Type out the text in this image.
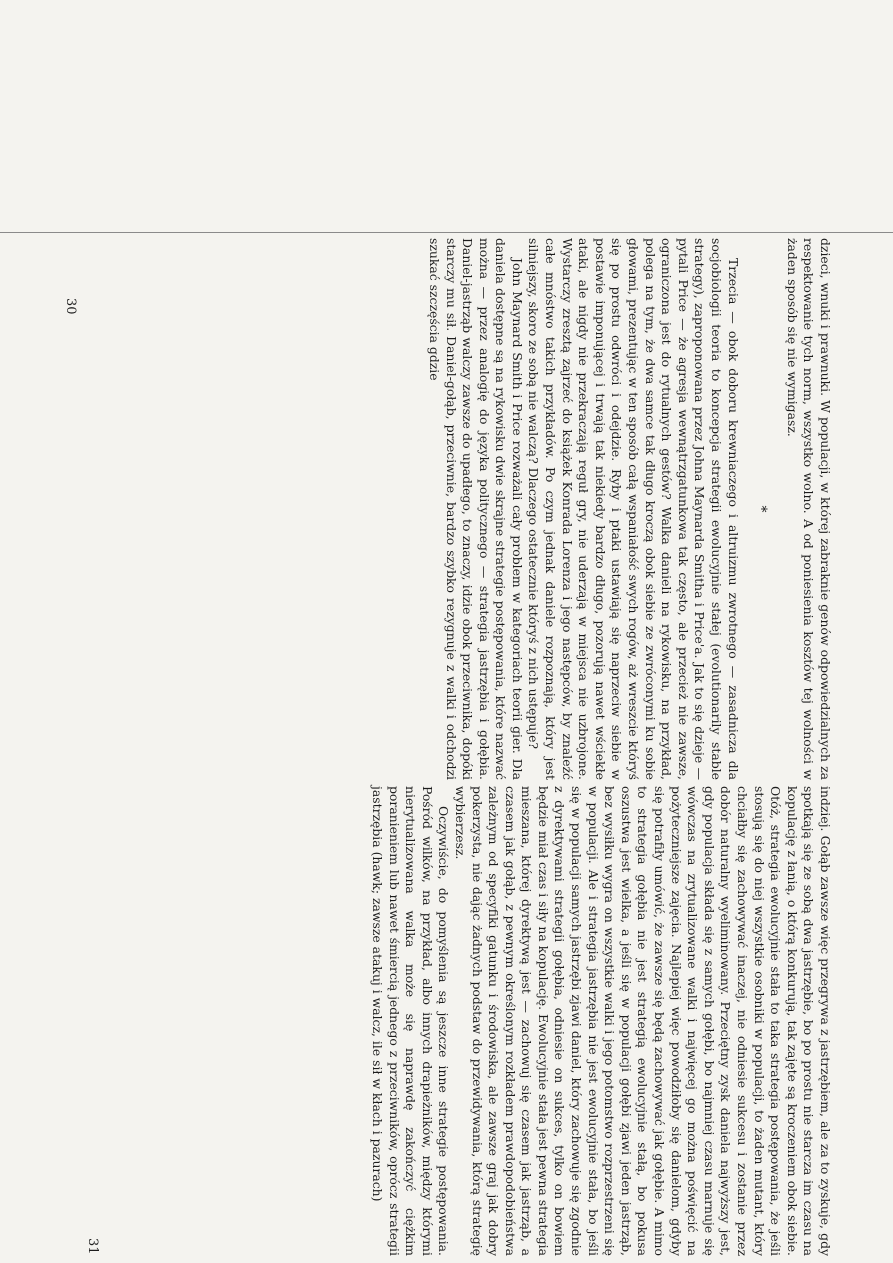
dzieci, wnuki i prawnuki. W populacji, w której zabraknie genów odpowiedzialnych za respektowanie tych norm, wszystko wolno. A od poniesienia kosztów tej wolności w żaden sposób się nie wymigasz.

*

Trzecia — obok doboru krewniaczego i altruizmu zwrotnego — zasadnicza dla socjobiologii teoria to koncepcja strategii ewolucyjnie stałej (evolutionarily stable strategy), zaproponowana przez Johna Maynarda Smitha i Price'a. Jak to się dzieje — pytali Price — że agresja wewnątrzgatunkowa tak często, ale przecież nie zawsze, ograniczona jest do rytualnych gestów? Walka danieli na rykowisku, na przykład, polega na tym, że dwa samce tak długo kroczą obok siebie ze zwróconymi ku sobie głowami, prezentując w ten sposób całą wspaniałość swych rogów, aż wreszcie któryś się po prostu odwróci i odejdzie. Ryby i ptaki ustawiają się naprzeciw siebie w postawie imponującej i trwają tak niekiedy bardzo długo, pozorują nawet wściekłe ataki, ale nigdy nie przekraczają reguł gry, nie uderzają w miejsca nie uzbrojone. Wystarczy zresztą zajrzeć do książek Konrada Lorenza i jego następców, by znaleźć całe mnóstwo takich przykładów. Po czym jednak daniele rozpoznają, który jest silniejszy, skoro ze sobą nie walczą? Dlaczego ostatecznie któryś z nich ustępuje?

John Maynard Smith i Price rozważali cały problem w kategoriach teorii gier. Dla daniela dostępne są na rykowisku dwie skrajne strategie postępowania, które nazwać można — przez analogię do języka politycznego — strategia jastrzębia i gołębia. Daniel-jastrząb walczy zawsze do upadłego, to znaczy, idzie obok przeciwnika, dopóki starczy mu sił. Daniel-gołąb, przeciwnie, bardzo szybko rezygnuje z walki i odchodzi szukać szczęścia gdzie

30

indziej. Gołąb zawsze więc przegrywa z jastrzębiem, ale za to zyskuje, gdy spotkają się ze sobą dwa jastrzębie, bo po prostu nie starcza im czasu na kopulację z łanią, o którą konkurują, tak zajęte są kroczeniem obok siebie. Otóż, strategia ewolucyjnie stała to taka strategia postępowania, że jeśli stosują się do niej wszystkie osobniki w populacji, to żaden mutant, który chciałby się zachowywać inaczej, nie odniesie sukcesu i zostanie przez dobór naturalny wyeliminowany. Przeciętny zysk daniela najwyższy jest, gdy populacja składa się z samych gołębi, bo najmniej czasu marnuje się wówczas na zrytualizowane walki i najwięcej go można poświęcić na pożyteczniejsze zajęcia. Najlepiej więc powodziłoby się danielom, gdyby się potrafiły umówić, że zawsze się będą zachowywać jak gołębie. A mimo to strategia gołębia nie jest strategią ewolucyjnie stałą, bo pokusa oszustwa jest wielka, a jeśli się w populacji gołębi zjawi jeden jastrząb, bez wysiłku wygra on wszystkie walki i jego potomstwo rozprzestrzeni się w populacji. Ale i strategia jastrzębia nie jest ewolucyjnie stała, bo jeśli się w populacji samych jastrzębi zjawi daniel, który zachowuje się zgodnie z dyrektywami strategii gołębia, odniesie on sukces, tylko on bowiem będzie miał czas i siły na kopulację. Ewolucyjnie stała jest pewna strategia mieszana, której dyrektywą jest — zachowuj się czasem jak jastrząb, a czasem jak gołąb, z pewnym określonym rozkładem prawdopodobieństwa zależnym od specyfiki gatunku i środowiska, ale zawsze graj jak dobry pokerzysta, nie dając żadnych podstaw do przewidywania, którą strategię wybierzesz.

Oczywiście, do pomyślenia są jeszcze inne strategie postępowania. Pośród wilków, na przykład, albo innych drapieżników, między którymi nierytualizowana walka może się naprawdę zakończyć ciężkim poranieniem lub nawet śmiercią jednego z przeciwników, oprócz strategii jastrzębia (hawk; zawsze atakuj i walcz, ile sił w kłach i pazurach)

31
